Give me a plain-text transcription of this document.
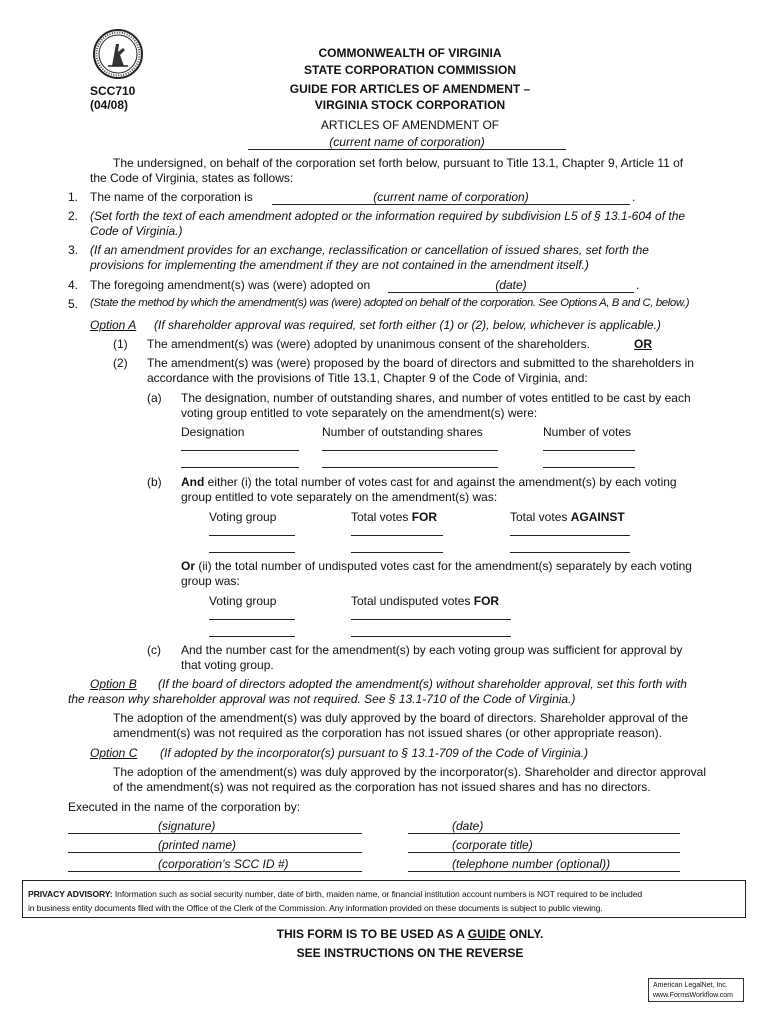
SCC710
(04/08)
COMMONWEALTH OF VIRGINIA
STATE CORPORATION COMMISSION
GUIDE FOR ARTICLES OF AMENDMENT –
VIRGINIA STOCK CORPORATION
ARTICLES OF AMENDMENT OF
(current name of corporation)
The undersigned, on behalf of the corporation set forth below, pursuant to Title 13.1, Chapter 9, Article 11 of
the Code of Virginia, states as follows:
1. The name of the corporation is	(current name of corporation)	.
2. (Set forth the text of each amendment adopted or the information required by subdivision L5 of § 13.1-604 of the
Code of Virginia.)
3. (If an amendment provides for an exchange, reclassification or cancellation of issued shares, set forth the
provisions for implementing the amendment if they are not contained in the amendment itself.)
4. The foregoing amendment(s) was (were) adopted on	(date)	.
5. (State the method by which the amendment(s) was (were) adopted on behalf of the corporation. See Options A, B and C, below.)
Option A (If shareholder approval was required, set forth either (1) or (2), below, whichever is applicable.)
(1) The amendment(s) was (were) adopted by unanimous consent of the shareholders.	OR
(2) The amendment(s) was (were) proposed by the board of directors and submitted to the shareholders in
accordance with the provisions of Title 13.1, Chapter 9 of the Code of Virginia, and:
(a) The designation, number of outstanding shares, and number of votes entitled to be cast by each
voting group entitled to vote separately on the amendment(s) were:
Designation	Number of outstanding shares	Number of votes
(b) And either (i) the total number of votes cast for and against the amendment(s) by each voting
group entitled to vote separately on the amendment(s) was:
Voting group	Total votes FOR	Total votes AGAINST
Or (ii) the total number of undisputed votes cast for the amendment(s) separately by each voting
group was:
Voting group	Total undisputed votes FOR
(c) And the number cast for the amendment(s) by each voting group was sufficient for approval by
that voting group.
Option B (If the board of directors adopted the amendment(s) without shareholder approval, set this forth with
the reason why shareholder approval was not required. See § 13.1-710 of the Code of Virginia.)
The adoption of the amendment(s) was duly approved by the board of directors. Shareholder approval of the
amendment(s) was not required as the corporation has not issued shares (or other appropriate reason).
Option C (If adopted by the incorporator(s) pursuant to § 13.1-709 of the Code of Virginia.)
The adoption of the amendment(s) was duly approved by the incorporator(s). Shareholder and director approval
of the amendment(s) was not required as the corporation has not issued shares and has no directors.
Executed in the name of the corporation by:
(signature)	(date)
(printed name)	(corporate title)
(corporation’s SCC ID #)	(telephone number (optional))
PRIVACY ADVISORY: Information such as social security number, date of birth, maiden name, or financial institution account numbers is NOT required to be included
in business entity documents filed with the Office of the Clerk of the Commission. Any information provided on these documents is subject to public viewing.
THIS FORM IS TO BE USED AS A GUIDE ONLY.
SEE INSTRUCTIONS ON THE REVERSE
American LegalNet, Inc.
www.FormsWorkflow.com
